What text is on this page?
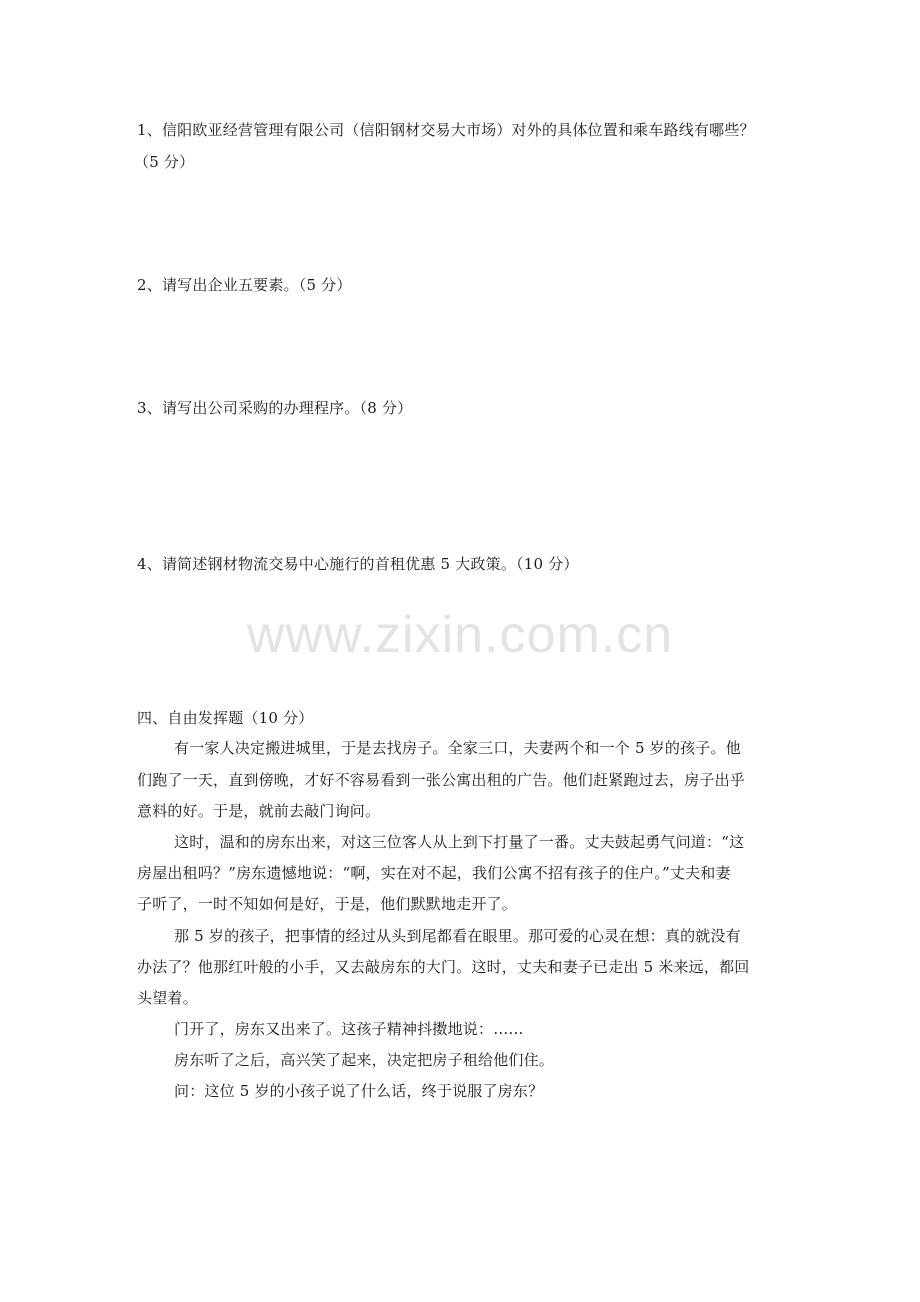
1、信阳欧亚经营管理有限公司（信阳钢材交易大市场）对外的具体位置和乘车路线有哪些？
（5 分）
2、请写出企业五要素。（5 分）
3、请写出公司采购的办理程序。（8 分）
4、请简述钢材物流交易中心施行的首租优惠 5 大政策。（10 分）
www.zixin.com.cn
四、自由发挥题（10 分）
有一家人决定搬进城里，于是去找房子。全家三口，夫妻两个和一个 5 岁的孩子。他
们跑了一天，直到傍晚，才好不容易看到一张公寓出租的广告。他们赶紧跑过去，房子出乎
意料的好。于是，就前去敲门询问。
这时，温和的房东出来，对这三位客人从上到下打量了一番。丈夫鼓起勇气问道：“这
房屋出租吗？”房东遗憾地说：“啊，实在对不起，我们公寓不招有孩子的住户。”丈夫和妻
子听了，一时不知如何是好，于是，他们默默地走开了。
那 5 岁的孩子，把事情的经过从头到尾都看在眼里。那可爱的心灵在想：真的就没有
办法了？他那红叶般的小手，又去敲房东的大门。这时，丈夫和妻子已走出 5 米来远，都回
头望着。
门开了，房东又出来了。这孩子精神抖擞地说：……
房东听了之后，高兴笑了起来，决定把房子租给他们住。
问：这位 5 岁的小孩子说了什么话，终于说服了房东？
